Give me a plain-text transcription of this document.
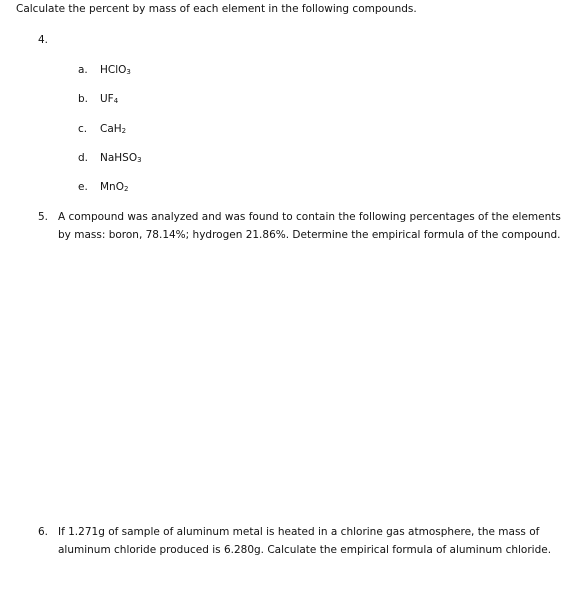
Calculate the percent by mass of each element in the following compounds.
4.
a. HClO$_3$
b. $UF_4$
c. CaH$_2$
d. NaHSO$_3$
e. MnO$_2$
5. A compound was analyzed and was found to contain the following percentages of the elements
by mass: boron, 78.14%; hydrogen 21.86%. Determine the empirical formula of the compound.
6. If 1.271g of sample of aluminum metal is heated in a chlorine gas atmosphere, the mass of
aluminum chloride produced is 6.280g. Calculate the empirical formula of aluminum chloride.
